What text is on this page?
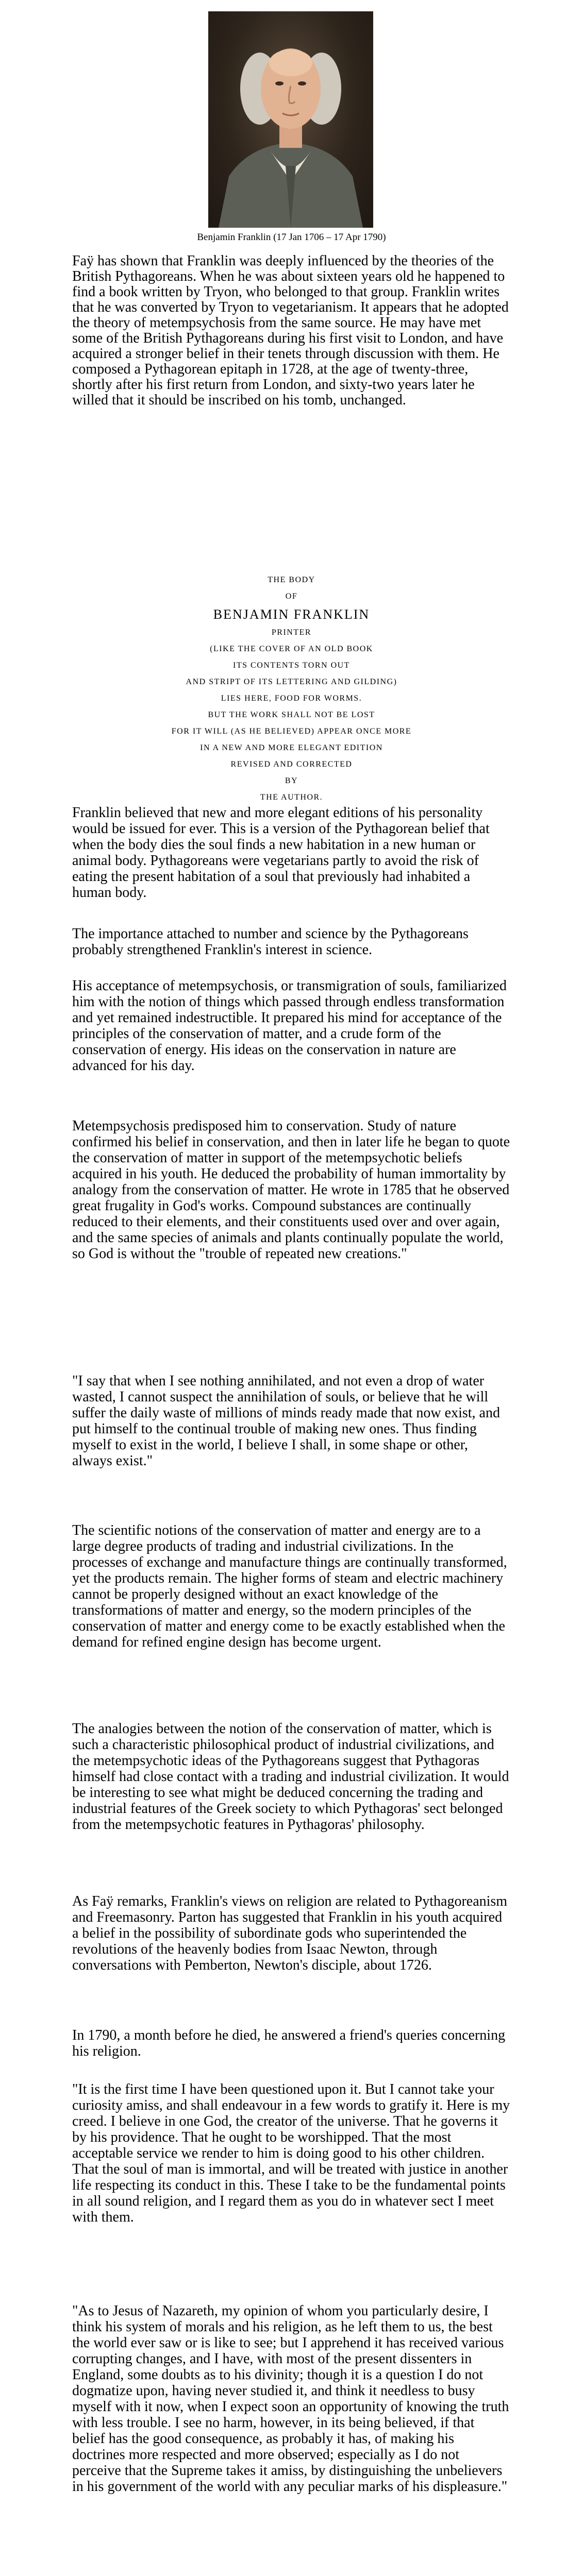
Benjamin Franklin (17 Jan 1706 – 17 Apr 1790)

Faÿ has shown that Franklin was deeply influenced by the theories of the British Pythagoreans. When he was about sixteen years old he happened to find a book written by Tryon, who belonged to that group. Franklin writes that he was converted by Tryon to vegetarianism. It appears that he adopted the theory of metempsychosis from the same source. He may have met some of the British Pythagoreans during his first visit to London, and have acquired a stronger belief in their tenets through discussion with them. He composed a Pythagorean epitaph in 1728, at the age of twenty-three, shortly after his first return from London, and sixty-two years later he willed that it should be inscribed on his tomb, unchanged.

THE BODY
OF
BENJAMIN FRANKLIN
PRINTER
(LIKE THE COVER OF AN OLD BOOK
ITS CONTENTS TORN OUT
AND STRIPT OF ITS LETTERING AND GILDING)
LIES HERE, FOOD FOR WORMS.
BUT THE WORK SHALL NOT BE LOST
FOR IT WILL (AS HE BELIEVED) APPEAR ONCE MORE
IN A NEW AND MORE ELEGANT EDITION
REVISED AND CORRECTED
BY
THE AUTHOR.

Franklin believed that new and more elegant editions of his personality would be issued for ever. This is a version of the Pythagorean belief that when the body dies the soul finds a new habitation in a new human or animal body. Pythagoreans were vegetarians partly to avoid the risk of eating the present habitation of a soul that previously had inhabited a human body.

The importance attached to number and science by the Pythagoreans probably strengthened Franklin's interest in science.

His acceptance of metempsychosis, or transmigration of souls, familiarized him with the notion of things which passed through endless transformation and yet remained indestructible. It prepared his mind for acceptance of the principles of the conservation of matter, and a crude form of the conservation of energy. His ideas on the conservation in nature are advanced for his day.

Metempsychosis predisposed him to conservation. Study of nature confirmed his belief in conservation, and then in later life he began to quote the conservation of matter in support of the metempsychotic beliefs acquired in his youth. He deduced the probability of human immortality by analogy from the conservation of matter. He wrote in 1785 that he observed great frugality in God's works. Compound substances are continually reduced to their elements, and their constituents used over and over again, and the same species of animals and plants continually populate the world, so God is without the "trouble of repeated new creations."

"I say that when I see nothing annihilated, and not even a drop of water wasted, I cannot suspect the annihilation of souls, or believe that he will suffer the daily waste of millions of minds ready made that now exist, and put himself to the continual trouble of making new ones. Thus finding myself to exist in the world, I believe I shall, in some shape or other, always exist."

The scientific notions of the conservation of matter and energy are to a large degree products of trading and industrial civilizations. In the processes of exchange and manufacture things are continually transformed, yet the products remain. The higher forms of steam and electric machinery cannot be properly designed without an exact knowledge of the transformations of matter and energy, so the modern principles of the conservation of matter and energy come to be exactly established when the demand for refined engine design has become urgent.

The analogies between the notion of the conservation of matter, which is such a characteristic philosophical product of industrial civilizations, and the metempsychotic ideas of the Pythagoreans suggest that Pythagoras himself had close contact with a trading and industrial civilization. It would be interesting to see what might be deduced concerning the trading and industrial features of the Greek society to which Pythagoras' sect belonged from the metempsychotic features in Pythagoras' philosophy.

As Faÿ remarks, Franklin's views on religion are related to Pythagoreanism and Freemasonry. Parton has suggested that Franklin in his youth acquired a belief in the possibility of subordinate gods who superintended the revolutions of the heavenly bodies from Isaac Newton, through conversations with Pemberton, Newton's disciple, about 1726.

In 1790, a month before he died, he answered a friend's queries concerning his religion.

"It is the first time I have been questioned upon it. But I cannot take your curiosity amiss, and shall endeavour in a few words to gratify it. Here is my creed. I believe in one God, the creator of the universe. That he governs it by his providence. That he ought to be worshipped. That the most acceptable service we render to him is doing good to his other children. That the soul of man is immortal, and will be treated with justice in another life respecting its conduct in this. These I take to be the fundamental points in all sound religion, and I regard them as you do in whatever sect I meet with them.

"As to Jesus of Nazareth, my opinion of whom you particularly desire, I think his system of morals and his religion, as he left them to us, the best the world ever saw or is like to see; but I apprehend it has received various corrupting changes, and I have, with most of the present dissenters in England, some doubts as to his divinity; though it is a question I do not dogmatize upon, having never studied it, and think it needless to busy myself with it now, when I expect soon an opportunity of knowing the truth with less trouble. I see no harm, however, in its being believed, if that belief has the good consequence, as probably it has, of making his doctrines more respected and more observed; especially as I do not perceive that the Supreme takes it amiss, by distinguishing the unbelievers in his government of the world with any peculiar marks of his displeasure."
